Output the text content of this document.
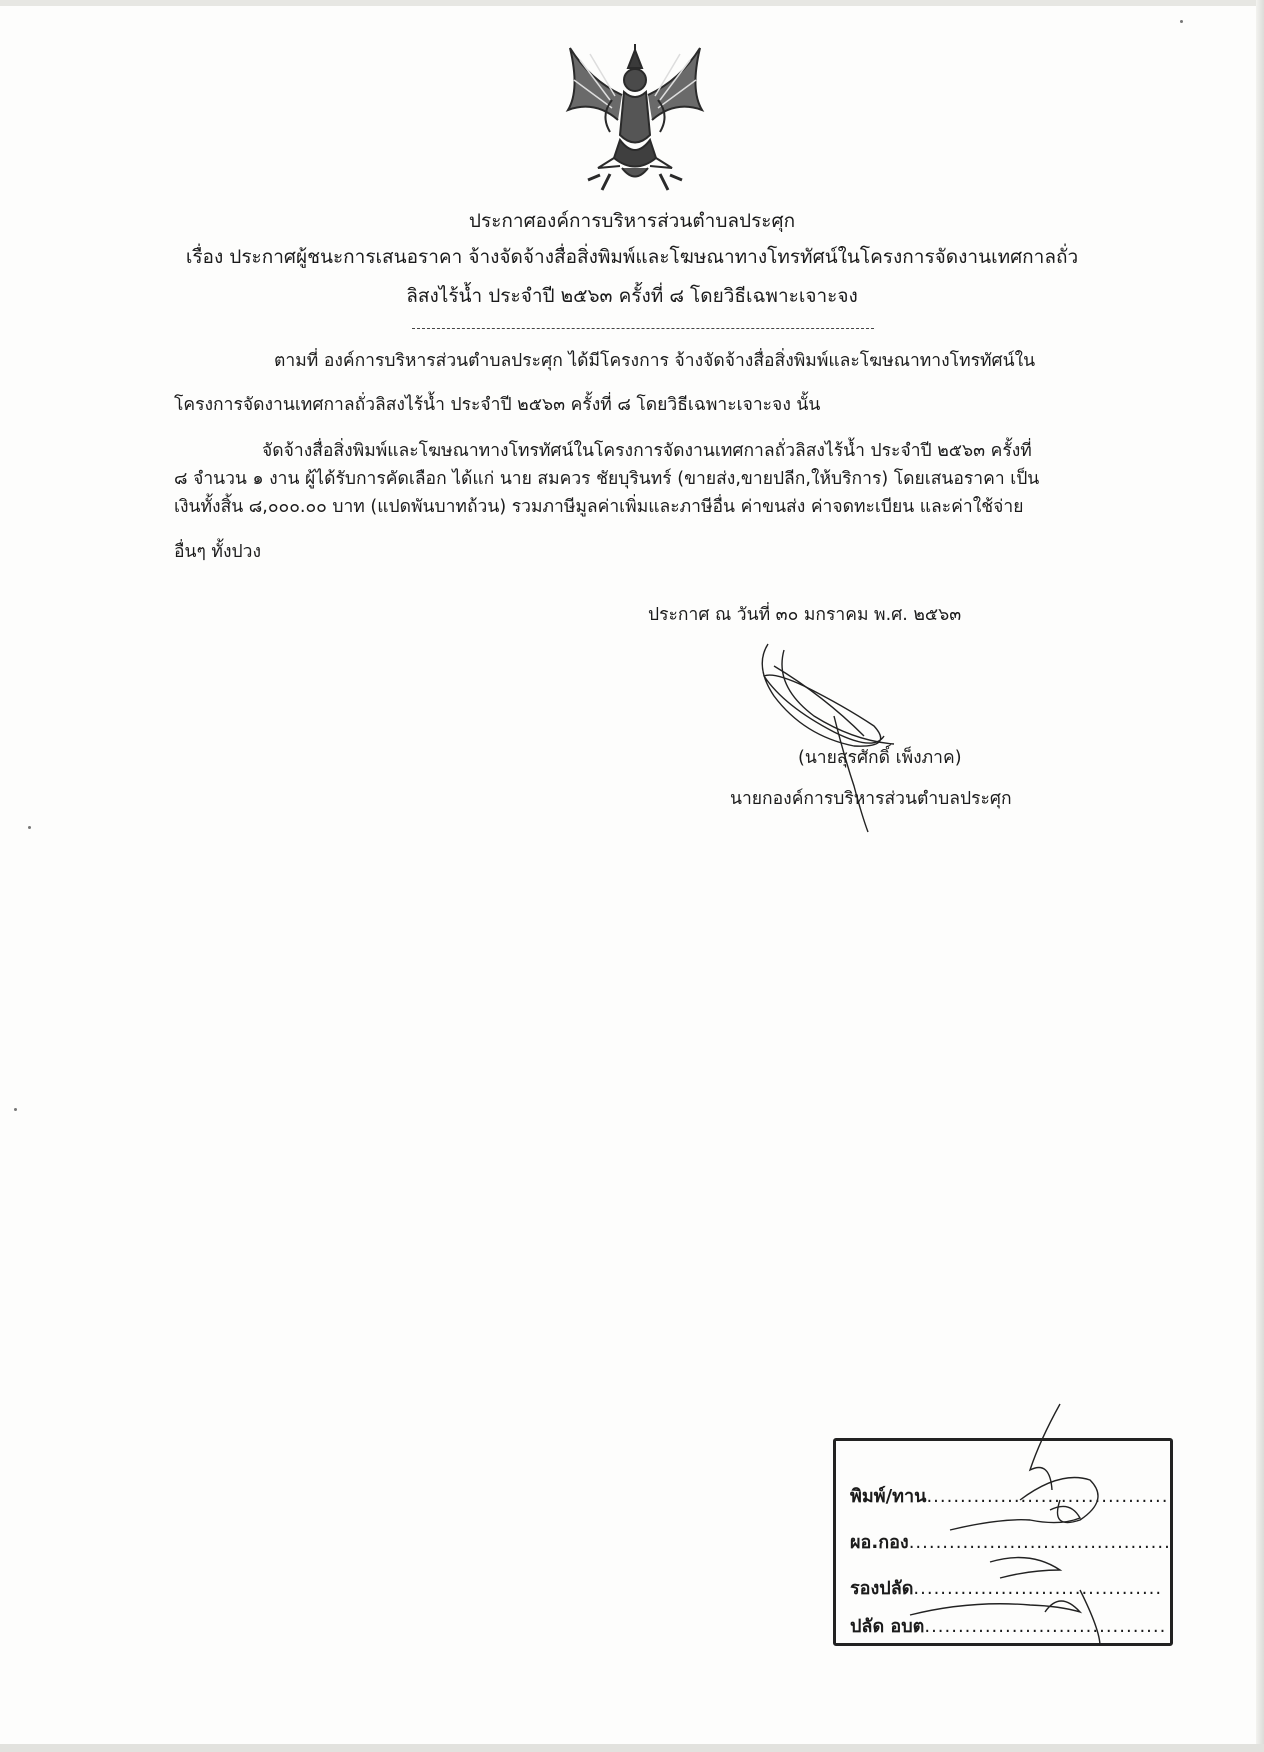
ประกาศองค์การบริหารส่วนตำบลประศุก
เรื่อง ประกาศผู้ชนะการเสนอราคา จ้างจัดจ้างสื่อสิ่งพิมพ์และโฆษณาทางโทรทัศน์ในโครงการจัดงานเทศกาลถั่ว
ลิสงไร้น้ำ ประจำปี ๒๕๖๓ ครั้งที่ ๘ โดยวิธีเฉพาะเจาะจง
ตามที่ องค์การบริหารส่วนตำบลประศุก ได้มีโครงการ จ้างจัดจ้างสื่อสิ่งพิมพ์และโฆษณาทางโทรทัศน์ใน
โครงการจัดงานเทศกาลถั่วลิสงไร้น้ำ ประจำปี ๒๕๖๓ ครั้งที่ ๘ โดยวิธีเฉพาะเจาะจง นั้น
จัดจ้างสื่อสิ่งพิมพ์และโฆษณาทางโทรทัศน์ในโครงการจัดงานเทศกาลถั่วลิสงไร้น้ำ ประจำปี ๒๕๖๓ ครั้งที่
๘ จำนวน ๑ งาน ผู้ได้รับการคัดเลือก ได้แก่ นาย สมควร ชัยบุรินทร์ (ขายส่ง,ขายปลีก,ให้บริการ) โดยเสนอราคา เป็น
เงินทั้งสิ้น ๘,๐๐๐.๐๐ บาท (แปดพันบาทถ้วน) รวมภาษีมูลค่าเพิ่มและภาษีอื่น ค่าขนส่ง ค่าจดทะเบียน และค่าใช้จ่าย
อื่นๆ ทั้งปวง
ประกาศ ณ วันที่ ๓๐ มกราคม พ.ศ. ๒๕๖๓
(นายสุรศักดิ์ เพ็งภาค)
นายกองค์การบริหารส่วนตำบลประศุก
พิมพ์/ทาน....................................
ผอ.กอง.......................................
รองปลัด.....................................
ปลัด อบต....................................
